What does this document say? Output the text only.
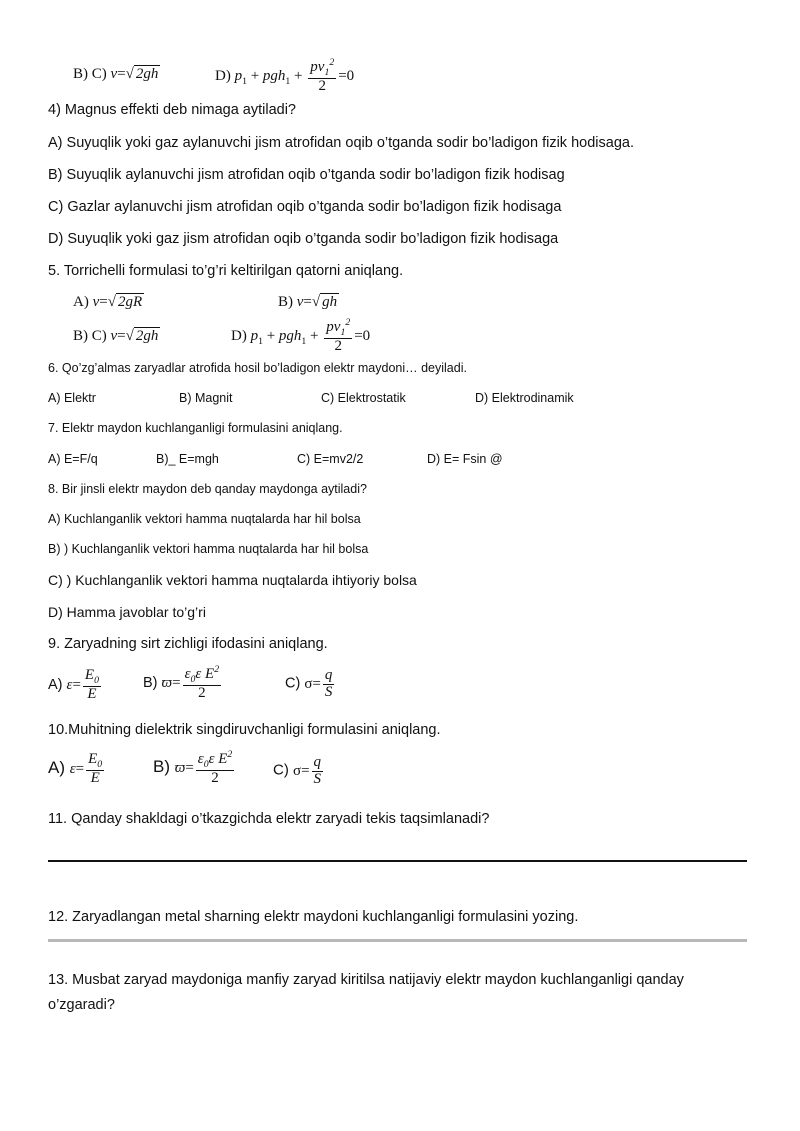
B) C) v=√ 2gh	D) $p_1 + pgh_1 + \frac{pv_1^2}{2} =0$
4) Magnus effekti deb nimaga aytiladi?
A) Suyuqlik yoki gaz aylanuvchi jism atrofidan oqib o’tganda sodir bo’ladigon fizik hodisaga.
B) Suyuqlik aylanuvchi jism atrofidan oqib o’tganda sodir bo’ladigon fizik hodisag
C) Gazlar aylanuvchi jism atrofidan oqib o’tganda sodir bo’ladigon fizik hodisaga
D) Suyuqlik yoki gaz jism atrofidan oqib o’tganda sodir bo’ladigon fizik hodisaga
5. Torrichelli formulasi to’g’ri keltirilgan qatorni aniqlang.
A) v=√ 2gR	B) v=√ gh
B) C) v=√ 2gh	D) $p_1 + pgh_1 + \frac{pv_1^2}{2} =0$
6. Qo’zg’almas zaryadlar atrofida hosil bo’ladigon elektr maydoni… deyiladi.
A) Elektr	B) Magnit	C) Elektrostatik	D) Elektrodinamik
7. Elektr maydon kuchlanganligi formulasini aniqlang.
A) E=F/q	B)_ E=mgh	C) E=mv2/2	D) E= Fsin @
8. Bir jinsli elektr maydon deb qanday maydonga aytiladi?
A) Kuchlanganlik vektori hamma nuqtalarda har hil bolsa
B) ) Kuchlanganlik vektori hamma nuqtalarda har hil bolsa
C) ) Kuchlanganlik vektori hamma nuqtalarda ihtiyoriy bolsa
D) Hamma javoblar to’g’ri
9. Zaryadning sirt zichligi ifodasini aniqlang.
A) $\varepsilon= \frac{E_0}{E}$	B) $ϖ= \frac{\varepsilon_0\varepsilon E^2}{2}$	C) $\sigma= \frac{q}{S}$
10.Muhitning dielektrik singdiruvchanligi formulasini aniqlang.
A) $\varepsilon= \frac{E_0}{E}$	B) $ϖ= \frac{\varepsilon_0\varepsilon E^2}{2}$	C) $\sigma= \frac{q}{S}$
11. Qanday shakldagi o’tkazgichda elektr zaryadi tekis taqsimlanadi?
12. Zaryadlangan metal sharning elektr maydoni kuchlanganligi formulasini yozing.
13. Musbat zaryad maydoniga manfiy zaryad kiritilsa natijaviy elektr maydon kuchlanganligi qanday
o’zgaradi?
